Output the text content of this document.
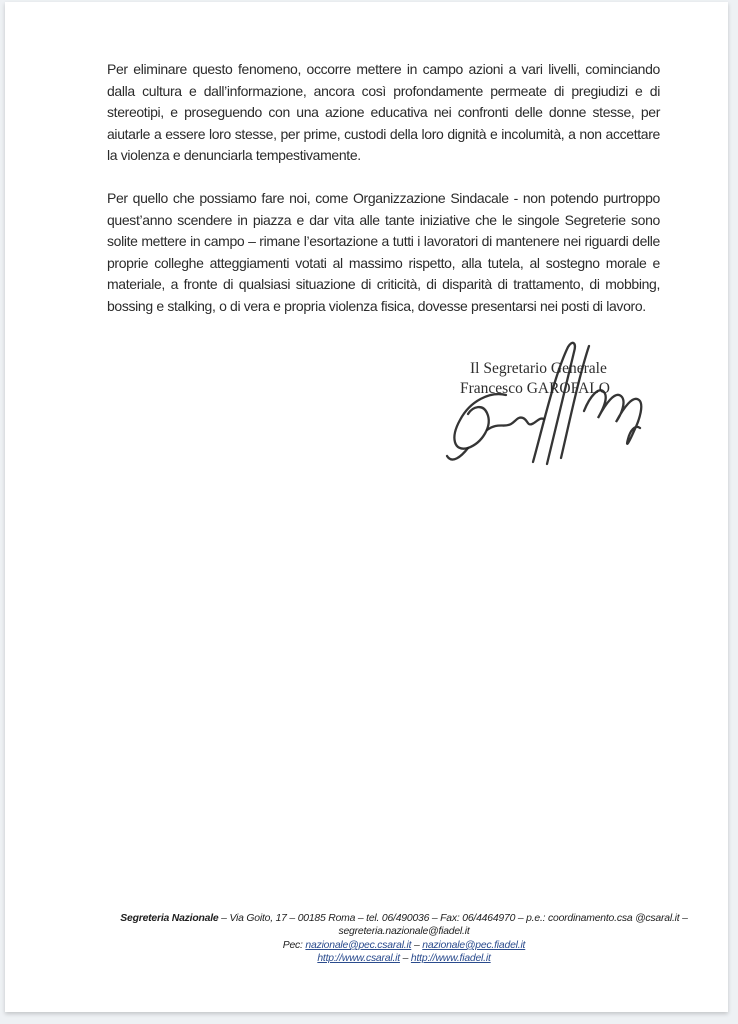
Per eliminare questo fenomeno, occorre mettere in campo azioni a vari livelli, cominciando dalla cultura e dall’informazione, ancora così profondamente permeate di pregiudizi e di stereotipi, e proseguendo con una azione educativa nei confronti delle donne stesse, per aiutarle a essere loro stesse, per prime, custodi della loro dignità e incolumità, a non accettare la violenza e denunciarla tempestivamente.

Per quello che possiamo fare noi, come Organizzazione Sindacale - non potendo purtroppo quest’anno scendere in piazza e dar vita alle tante iniziative che le singole Segreterie sono solite mettere in campo – rimane l’esortazione a tutti i lavoratori di mantenere nei riguardi delle proprie colleghe atteggiamenti votati al massimo rispetto, alla tutela, al sostegno morale e materiale, a fronte di qualsiasi situazione di criticità, di disparità di trattamento, di mobbing, bossing e stalking, o di vera e propria violenza fisica, dovesse presentarsi nei posti di lavoro.

Il Segretario Generale
Francesco GAROFALO
Segreteria Nazionale – Via Goito, 17 – 00185 Roma – tel. 06/490036 – Fax: 06/4464970 – p.e.: coordinamento.csa @csaral.it –
segreteria.nazionale@fiadel.it
Pec: nazionale@pec.csaral.it – nazionale@pec.fiadel.it
http://www.csaral.it – http://www.fiadel.it
